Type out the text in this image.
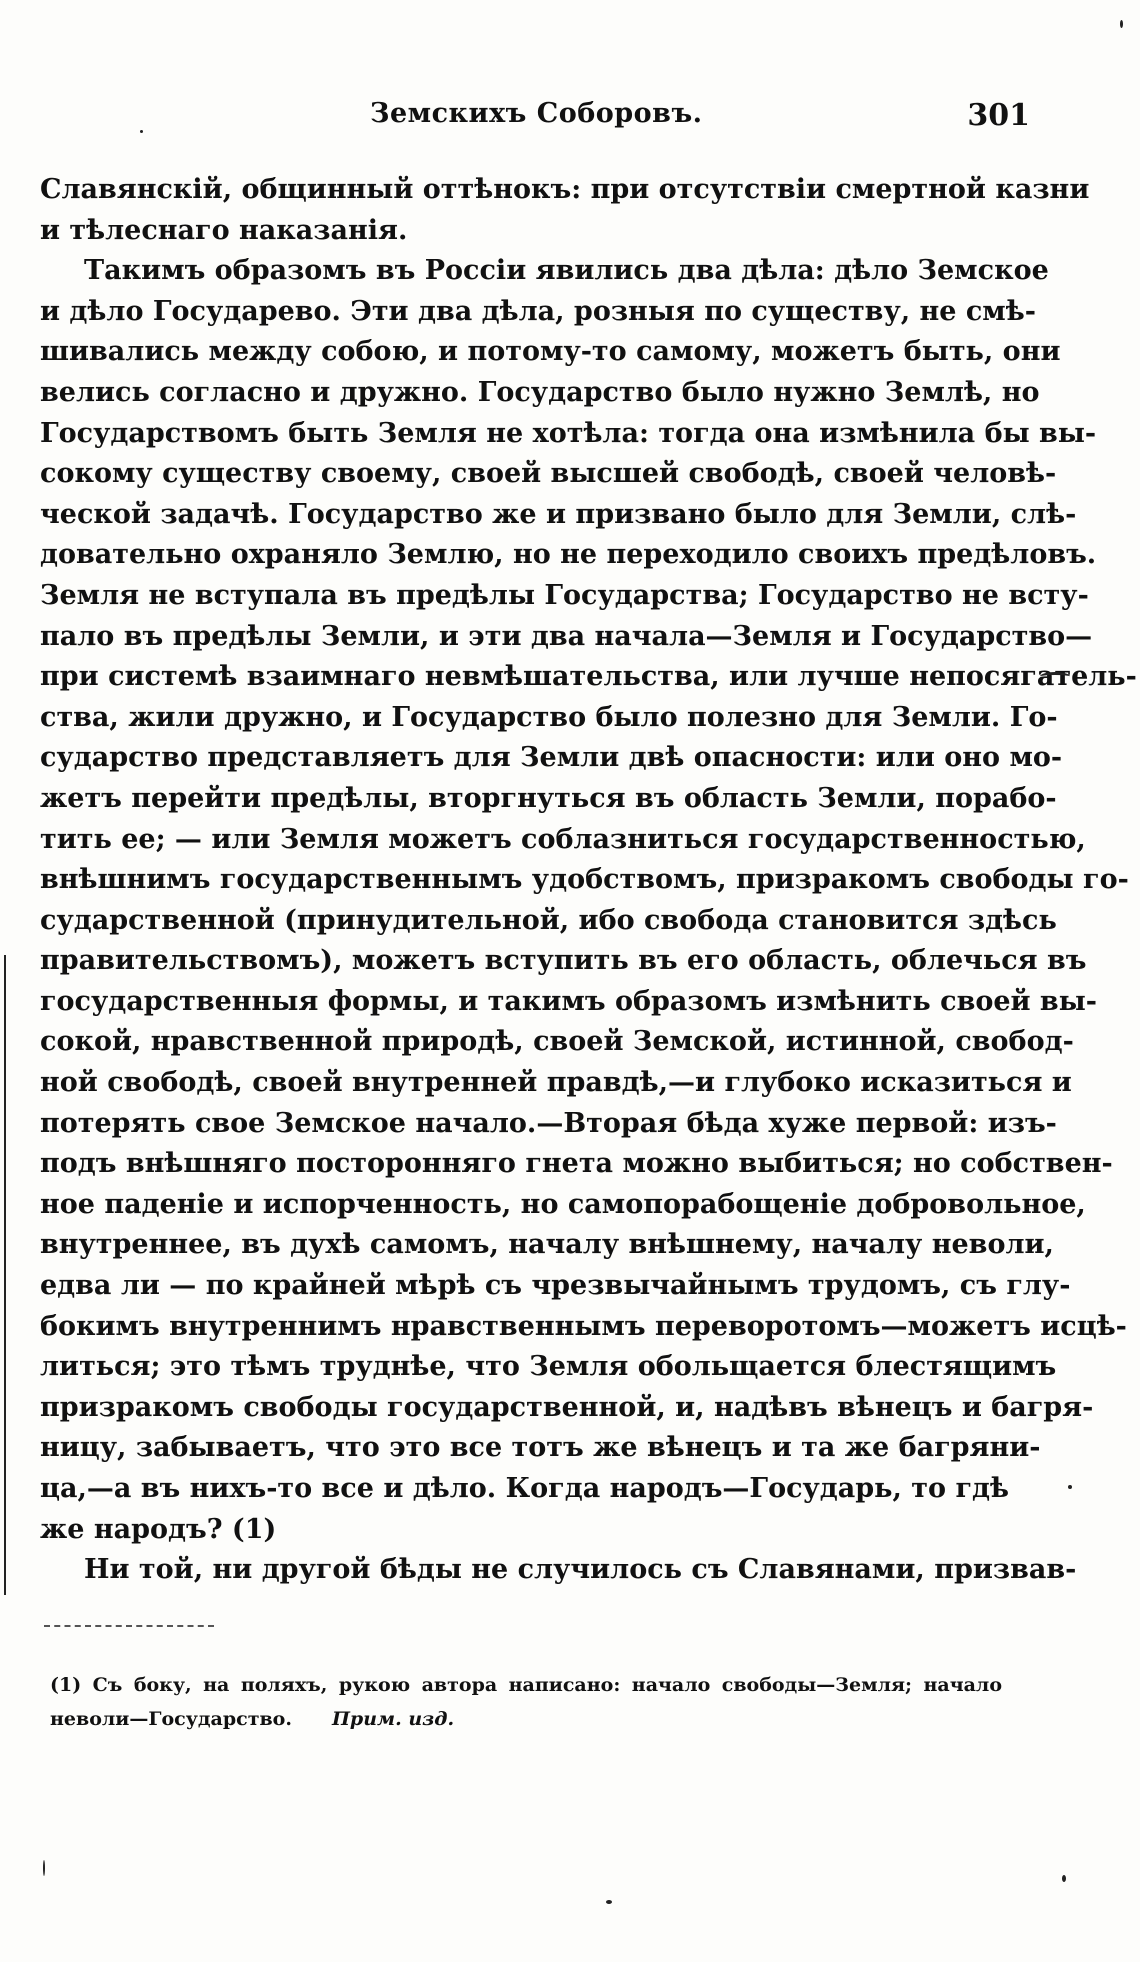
Земскихъ Соборовъ.	301
Славянскій, общинный оттѣнокъ: при отсутствіи смертной казни
и тѣлеснаго наказанія.
Такимъ образомъ въ Россіи явились два дѣла: дѣло Земское
и дѣло Государево. Эти два дѣла, розныя по существу, не смѣ-
шивались между собою, и потому-то самому, можетъ быть, они
велись согласно и дружно. Государство было нужно Землѣ, но
Государствомъ быть Земля не хотѣла: тогда она измѣнила бы вы-
сокому существу своему, своей высшей свободѣ, своей человѣ-
ческой задачѣ. Государство же и призвано было для Земли, слѣ-
довательно охраняло Землю, но не переходило своихъ предѣловъ.
Земля не вступала въ предѣлы Государства; Государство не всту-
пало въ предѣлы Земли, и эти два начала—Земля и Государство—
при системѣ взаимнаго невмѣшательства, или лучше непосягатель-
ства, жили дружно, и Государство было полезно для Земли. Го-
сударство представляетъ для Земли двѣ опасности: или оно мо-
жетъ перейти предѣлы, вторгнуться въ область Земли, порабо-
тить ее; — или Земля можетъ соблазниться государственностью,
внѣшнимъ государственнымъ удобствомъ, призракомъ свободы го-
сударственной (принудительной, ибо свобода становится здѣсь
правительствомъ), можетъ вступить въ его область, облечься въ
государственныя формы, и такимъ образомъ измѣнить своей вы-
сокой, нравственной природѣ, своей Земской, истинной, свобод-
ной свободѣ, своей внутренней правдѣ,—и глубоко исказиться и
потерять свое Земское начало.—Вторая бѣда хуже первой: изъ-
подъ внѣшняго посторонняго гнета можно выбиться; но собствен-
ное паденіе и испорченность, но самопорабощеніе добровольное,
внутреннее, въ духѣ самомъ, началу внѣшнему, началу неволи,
едва ли — по крайней мѣрѣ съ чрезвычайнымъ трудомъ, съ глу-
бокимъ внутреннимъ нравственнымъ переворотомъ—можетъ исцѣ-
литься; это тѣмъ труднѣе, что Земля обольщается блестящимъ
призракомъ свободы государственной, и, надѣвъ вѣнецъ и багря-
ницу, забываетъ, что это все тотъ же вѣнецъ и та же багряни-
ца,—а въ нихъ-то все и дѣло. Когда народъ—Государь, то гдѣ
же народъ? (1)
Ни той, ни другой бѣды не случилось съ Славянами, призвав-
(1) Съ боку, на поляхъ, рукою автора написано: начало свободы—Земля; начало
неволи—Государство. Прим. изд.
